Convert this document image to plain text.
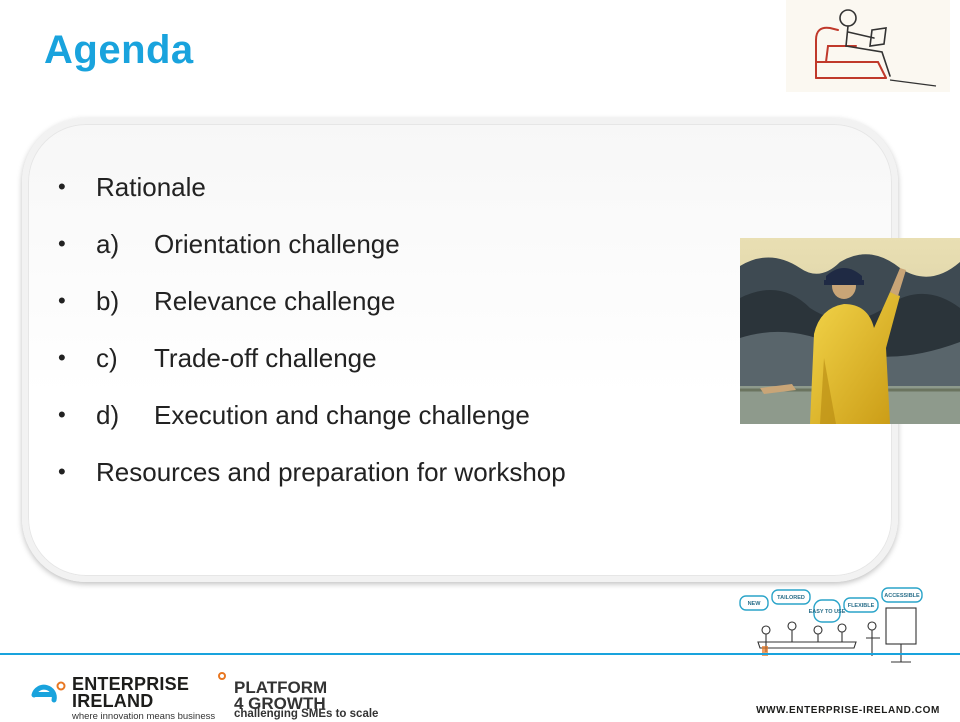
Agenda
•	Rationale
•	a)	Orientation challenge
•	b)	Relevance challenge
•	c)	Trade-off challenge
•	d)	Execution and change challenge
•	Resources and preparation for workshop
NEW
TAILORED
EASY TO USE
FLEXIBLE
ACCESSIBLE
ENTERPRISE
IRELAND
where innovation means business
PLATFORM
4 GROWTH
challenging SMEs to scale	WWW.ENTERPRISE-IRELAND.COM
